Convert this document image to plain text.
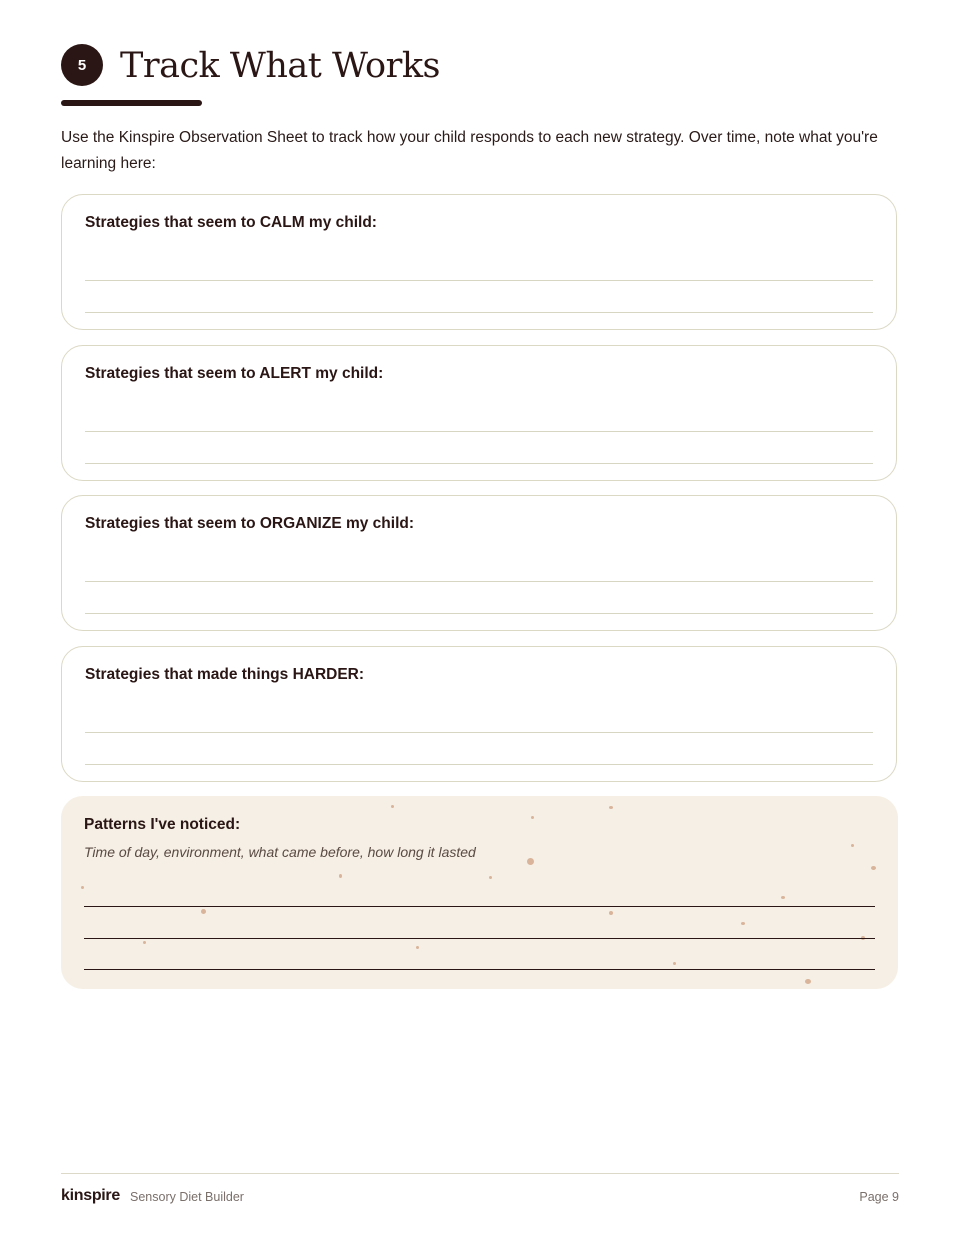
5 Track What Works

Use the Kinspire Observation Sheet to track how your child responds to each new strategy. Over time, note what you're learning here:

Strategies that seem to CALM my child:

Strategies that seem to ALERT my child:

Strategies that seem to ORGANIZE my child:

Strategies that made things HARDER:

Patterns I've noticed:

Time of day, environment, what came before, how long it lasted

kinspire Sensory Diet Builder	Page 9
